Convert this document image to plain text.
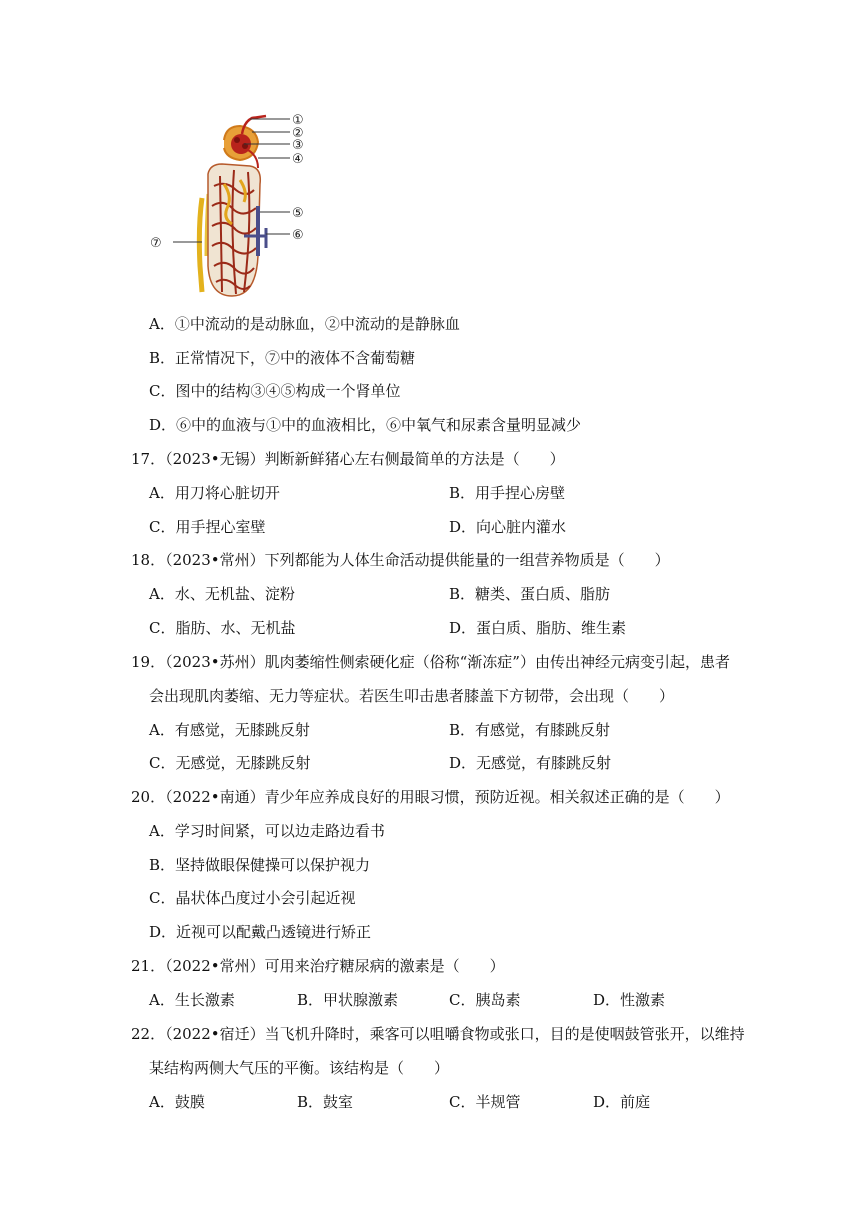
①
②
③
④
⑤
⑥
⑦
A．①中流动的是动脉血，②中流动的是静脉血
B．正常情况下，⑦中的液体不含葡萄糖
C．图中的结构③④⑤构成一个肾单位
D．⑥中的血液与①中的血液相比，⑥中氧气和尿素含量明显减少
17．（2023•无锡）判断新鲜猪心左右侧最简单的方法是（　　）
A．用刀将心脏切开	B．用手捏心房壁
C．用手捏心室壁	D．向心脏内灌水
18．（2023•常州）下列都能为人体生命活动提供能量的一组营养物质是（　　）
A．水、无机盐、淀粉	B．糖类、蛋白质、脂肪
C．脂肪、水、无机盐	D．蛋白质、脂肪、维生素
19．（2023•苏州）肌肉萎缩性侧索硬化症（俗称“渐冻症”）由传出神经元病变引起，患者
会出现肌肉萎缩、无力等症状。若医生叩击患者膝盖下方韧带，会出现（　　）
A．有感觉，无膝跳反射	B．有感觉，有膝跳反射
C．无感觉，无膝跳反射	D．无感觉，有膝跳反射
20．（2022•南通）青少年应养成良好的用眼习惯，预防近视。相关叙述正确的是（　　）
A．学习时间紧，可以边走路边看书
B．坚持做眼保健操可以保护视力
C．晶状体凸度过小会引起近视
D．近视可以配戴凸透镜进行矫正
21．（2022•常州）可用来治疗糖尿病的激素是（　　）
A．生长激素	B．甲状腺激素	C．胰岛素	D．性激素
22．（2022•宿迁）当飞机升降时，乘客可以咀嚼食物或张口，目的是使咽鼓管张开，以维持
某结构两侧大气压的平衡。该结构是（　　）
A．鼓膜	B．鼓室	C．半规管	D．前庭
